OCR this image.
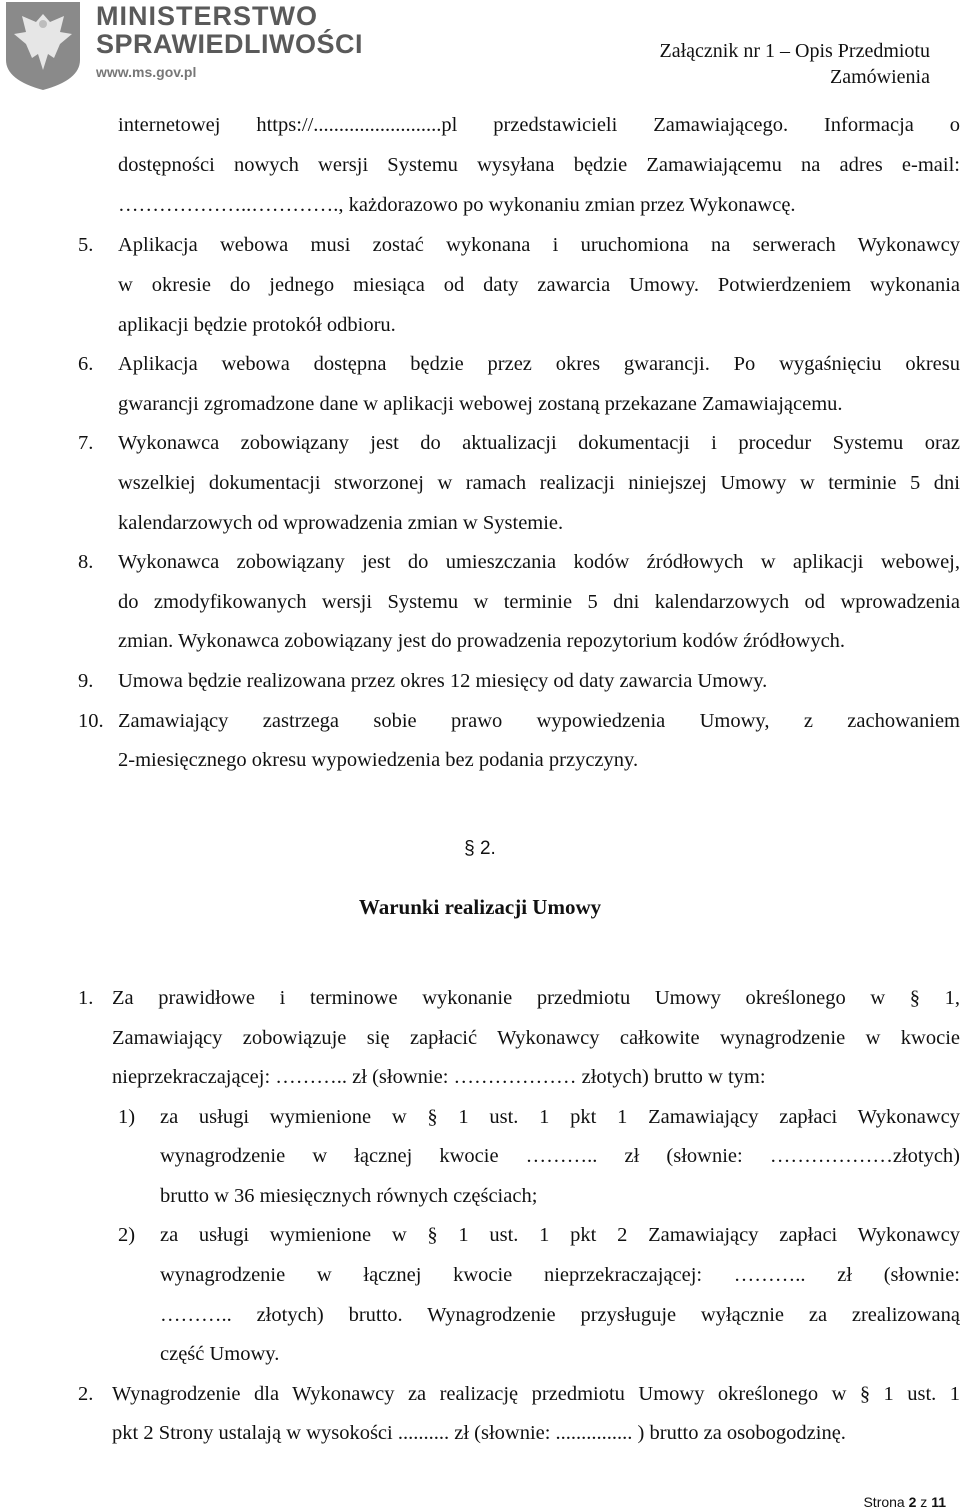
MINISTERSTWO
SPRAWIEDLIWOŚCI
www.ms.gov.pl
Załącznik nr 1 – Opis Przedmiotu
Zamówienia
internetowej https://.........................pl przedstawicieli Zamawiającego. Informacja o
dostępności nowych wersji Systemu wysyłana będzie Zamawiającemu na adres e-mail:
………………..…………., każdorazowo po wykonaniu zmian przez Wykonawcę.
5. Aplikacja webowa musi zostać wykonana i uruchomiona na serwerach Wykonawcy
w okresie do jednego miesiąca od daty zawarcia Umowy. Potwierdzeniem wykonania
aplikacji będzie protokół odbioru.
6. Aplikacja webowa dostępna będzie przez okres gwarancji. Po wygaśnięciu okresu
gwarancji zgromadzone dane w aplikacji webowej zostaną przekazane Zamawiającemu.
7. Wykonawca zobowiązany jest do aktualizacji dokumentacji i procedur Systemu oraz
wszelkiej dokumentacji stworzonej w ramach realizacji niniejszej Umowy w terminie 5 dni
kalendarzowych od wprowadzenia zmian w Systemie.
8. Wykonawca zobowiązany jest do umieszczania kodów źródłowych w aplikacji webowej,
do zmodyfikowanych wersji Systemu w terminie 5 dni kalendarzowych od wprowadzenia
zmian. Wykonawca zobowiązany jest do prowadzenia repozytorium kodów źródłowych.
9. Umowa będzie realizowana przez okres 12 miesięcy od daty zawarcia Umowy.
10. Zamawiający zastrzega sobie prawo wypowiedzenia Umowy, z zachowaniem
2-miesięcznego okresu wypowiedzenia bez podania przyczyny.
§ 2.
Warunki realizacji Umowy
1. Za prawidłowe i terminowe wykonanie przedmiotu Umowy określonego w § 1,
Zamawiający zobowiązuje się zapłacić Wykonawcy całkowite wynagrodzenie w kwocie
nieprzekraczającej: ……….. zł (słownie: ……………… złotych) brutto w tym:
1) za usługi wymienione w § 1 ust. 1 pkt 1 Zamawiający zapłaci Wykonawcy
wynagrodzenie w łącznej kwocie ……….. zł (słownie: ………………złotych)
brutto w 36 miesięcznych równych częściach;
2) za usługi wymienione w § 1 ust. 1 pkt 2 Zamawiający zapłaci Wykonawcy
wynagrodzenie w łącznej kwocie nieprzekraczającej: ……….. zł (słownie:
……….. złotych) brutto. Wynagrodzenie przysługuje wyłącznie za zrealizowaną
część Umowy.
2. Wynagrodzenie dla Wykonawcy za realizację przedmiotu Umowy określonego w § 1 ust. 1
pkt 2 Strony ustalają w wysokości .......... zł (słownie: ............... ) brutto za osobogodzinę.
Strona 2 z 11
